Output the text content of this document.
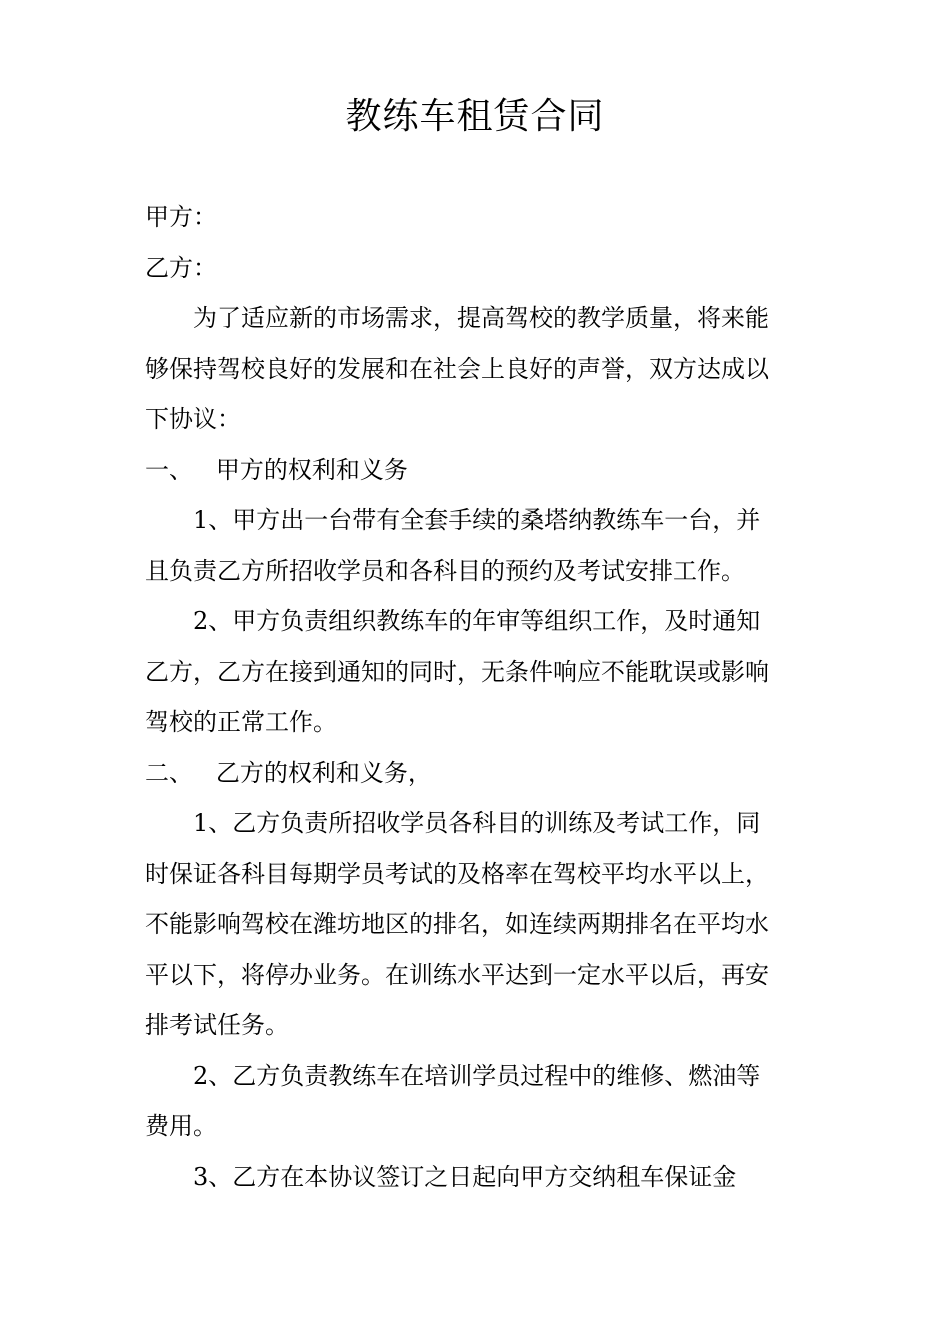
教练车租赁合同

甲方：

乙方：

为了适应新的市场需求，提高驾校的教学质量，将来能

够保持驾校良好的发展和在社会上良好的声誉，双方达成以

下协议：

一、   甲方的权利和义务

1、甲方出一台带有全套手续的桑塔纳教练车一台，并

且负责乙方所招收学员和各科目的预约及考试安排工作。

2、甲方负责组织教练车的年审等组织工作，及时通知

乙方，乙方在接到通知的同时，无条件响应不能耽误或影响

驾校的正常工作。

二、   乙方的权利和义务，

1、乙方负责所招收学员各科目的训练及考试工作，同

时保证各科目每期学员考试的及格率在驾校平均水平以上，

不能影响驾校在潍坊地区的排名，如连续两期排名在平均水

平以下，将停办业务。在训练水平达到一定水平以后，再安

排考试任务。

2、乙方负责教练车在培训学员过程中的维修、燃油等

费用。

3、乙方在本协议签订之日起向甲方交纳租车保证金
